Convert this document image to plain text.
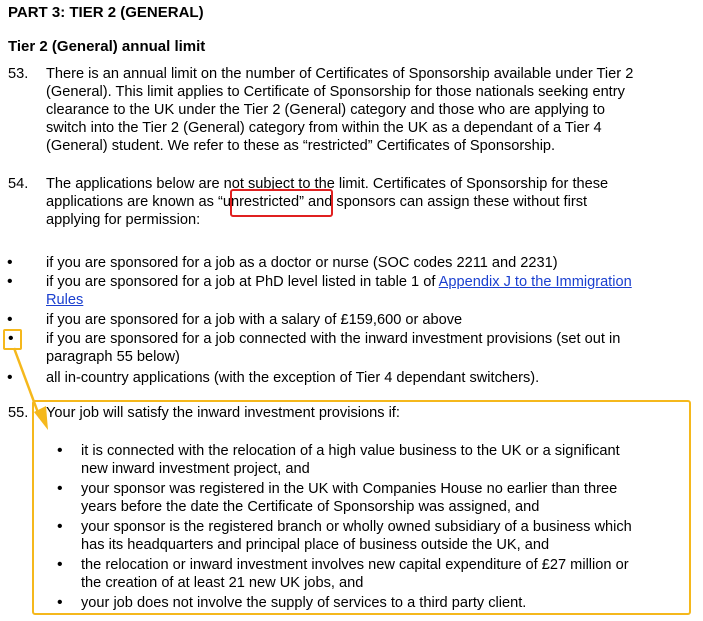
PART 3: TIER 2 (GENERAL)
Tier 2 (General) annual limit
53. There is an annual limit on the number of Certificates of Sponsorship available under Tier 2
(General). This limit applies to Certificate of Sponsorship for those nationals seeking entry
clearance to the UK under the Tier 2 (General) category and those who are applying to
switch into the Tier 2 (General) category from within the UK as a dependant of a Tier 4
(General) student. We refer to these as “restricted” Certificates of Sponsorship.
54. The applications below are not subject to the limit. Certificates of Sponsorship for these
applications are known as “unrestricted” and sponsors can assign these without first
applying for permission:
• if you are sponsored for a job as a doctor or nurse (SOC codes 2211 and 2231)
• if you are sponsored for a job at PhD level listed in table 1 of Appendix J to the Immigration
Rules
• if you are sponsored for a job with a salary of £159,600 or above
• if you are sponsored for a job connected with the inward investment provisions (set out in
paragraph 55 below)
• all in-country applications (with the exception of Tier 4 dependant switchers).
55. Your job will satisfy the inward investment provisions if:
• it is connected with the relocation of a high value business to the UK or a significant
new inward investment project, and
• your sponsor was registered in the UK with Companies House no earlier than three
years before the date the Certificate of Sponsorship was assigned, and
• your sponsor is the registered branch or wholly owned subsidiary of a business which
has its headquarters and principal place of business outside the UK, and
• the relocation or inward investment involves new capital expenditure of £27 million or
the creation of at least 21 new UK jobs, and
• your job does not involve the supply of services to a third party client.
